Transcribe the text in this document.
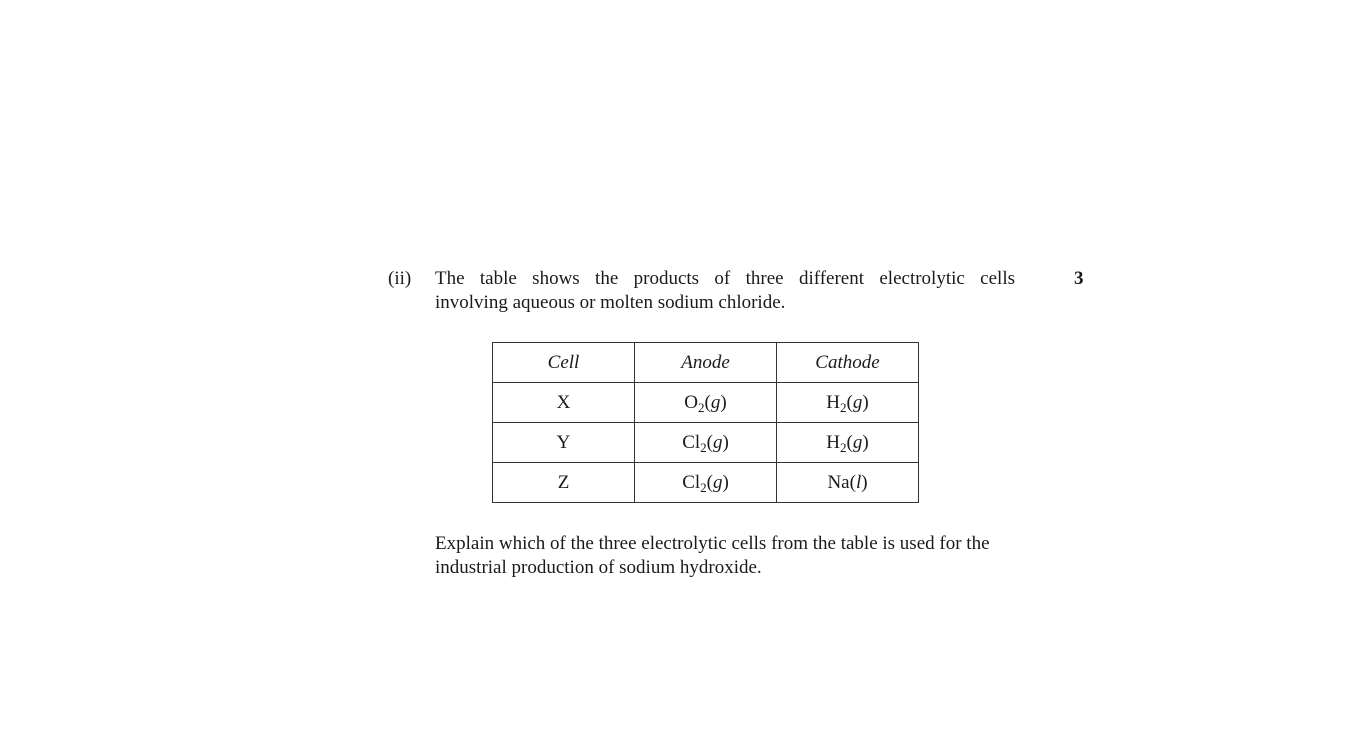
(ii)	3
The table shows the products of three different electrolytic cells
involving aqueous or molten sodium chloride.
Cell	Anode	Cathode
X	$O_2(g)$	$H_2(g)$
Y	$Cl_2(g)$	$H_2(g)$
Z	$Cl_2(g)$	Na(l)
Explain which of the three electrolytic cells from the table is used for the
industrial production of sodium hydroxide.
